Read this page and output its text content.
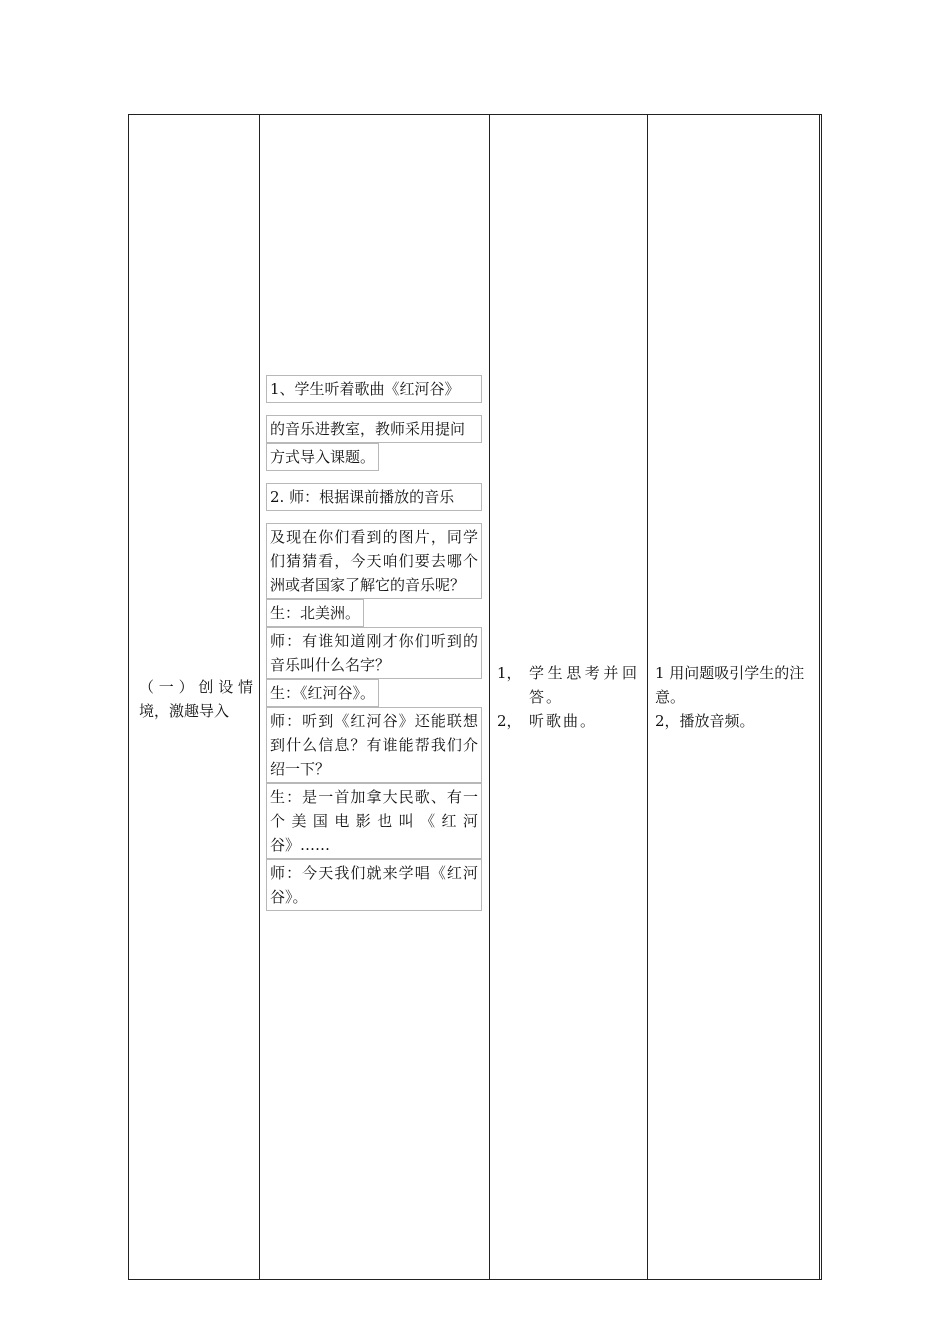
（一）创设情境，激趣导入
1、学生听着歌曲《红河谷》
的音乐进教室，教师采用提问
方式导入课题。
2. 师：根据课前播放的音乐
及现在你们看到的图片，同学们猜猜看，今天咱们要去哪个洲或者国家了解它的音乐呢？
生：北美洲。
师：有谁知道刚才你们听到的音乐叫什么名字？
生：《红河谷》。
师：听到《红河谷》还能联想到什么信息？有谁能帮我们介绍一下？
生：是一首加拿大民歌、有一个美国电影也叫《红河谷》……
师：今天我们就来学唱《红河谷》。
1， 学生思考并回答。
2， 听歌曲。
1 用问题吸引学生的注意。
2，播放音频。
